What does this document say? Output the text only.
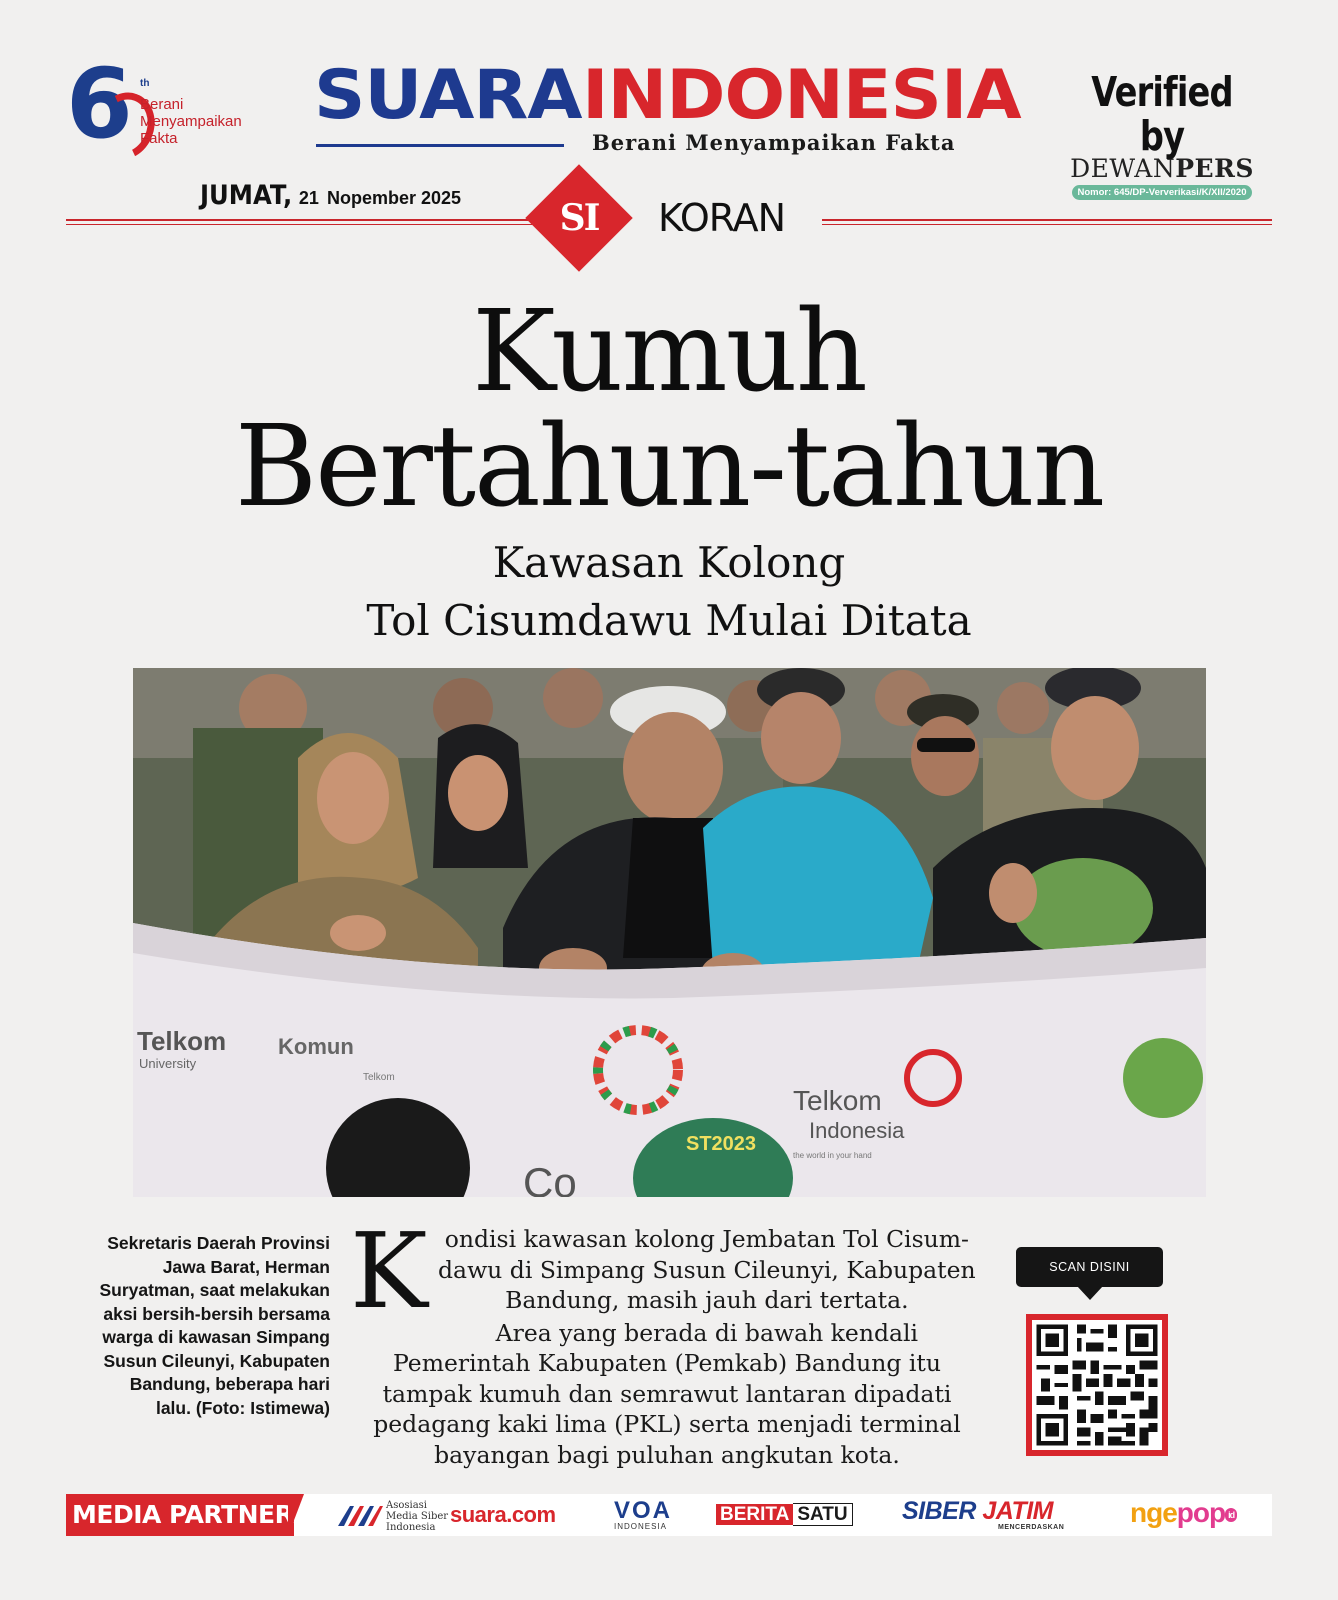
6 th
Berani
Menyampaikan
Fakta
SUARA INDONESIA
Berani Menyampaikan Fakta
Verified by
DEWANPERS
Nomor: 645/DP-Ververikasi/K/XII/2020
JUMAT, 21 Nopember 2025	SI	KORAN
Kumuh
Bertahun-tahun
Kawasan Kolong
Tol Cisumdawu Mulai Ditata
Telkom
University
Komun
Telkom
Telkom
Indonesia
the world in your hand
ST2023
Co
Sekretaris Daerah Provinsi Jawa Barat, Herman Suryatman, saat melakukan aksi bersih-bersih bersama warga di kawasan Simpang Susun Cileunyi, Kabupaten Bandung, beberapa hari lalu. (Foto: Istimewa)

Kondisi kawasan kolong Jembatan Tol Cisum-dawu di Simpang Susun Cileunyi, Kabupaten Bandung, masih jauh dari tertata.

Area yang berada di bawah kendali Pemerintah Kabupaten (Pemkab) Bandung itu tampak kumuh dan semrawut lantaran dipadati pedagang kaki lima (PKL) serta menjadi terminal bayangan bagi puluhan angkutan kota.

SCAN DISINI
MEDIA PARTNER	Asosiasi
Media Siber
Indonesia
suara.com VOA
INDONESIA
BERITA SATU SIBER JATIM
MENCERDASKAN ngepop id
